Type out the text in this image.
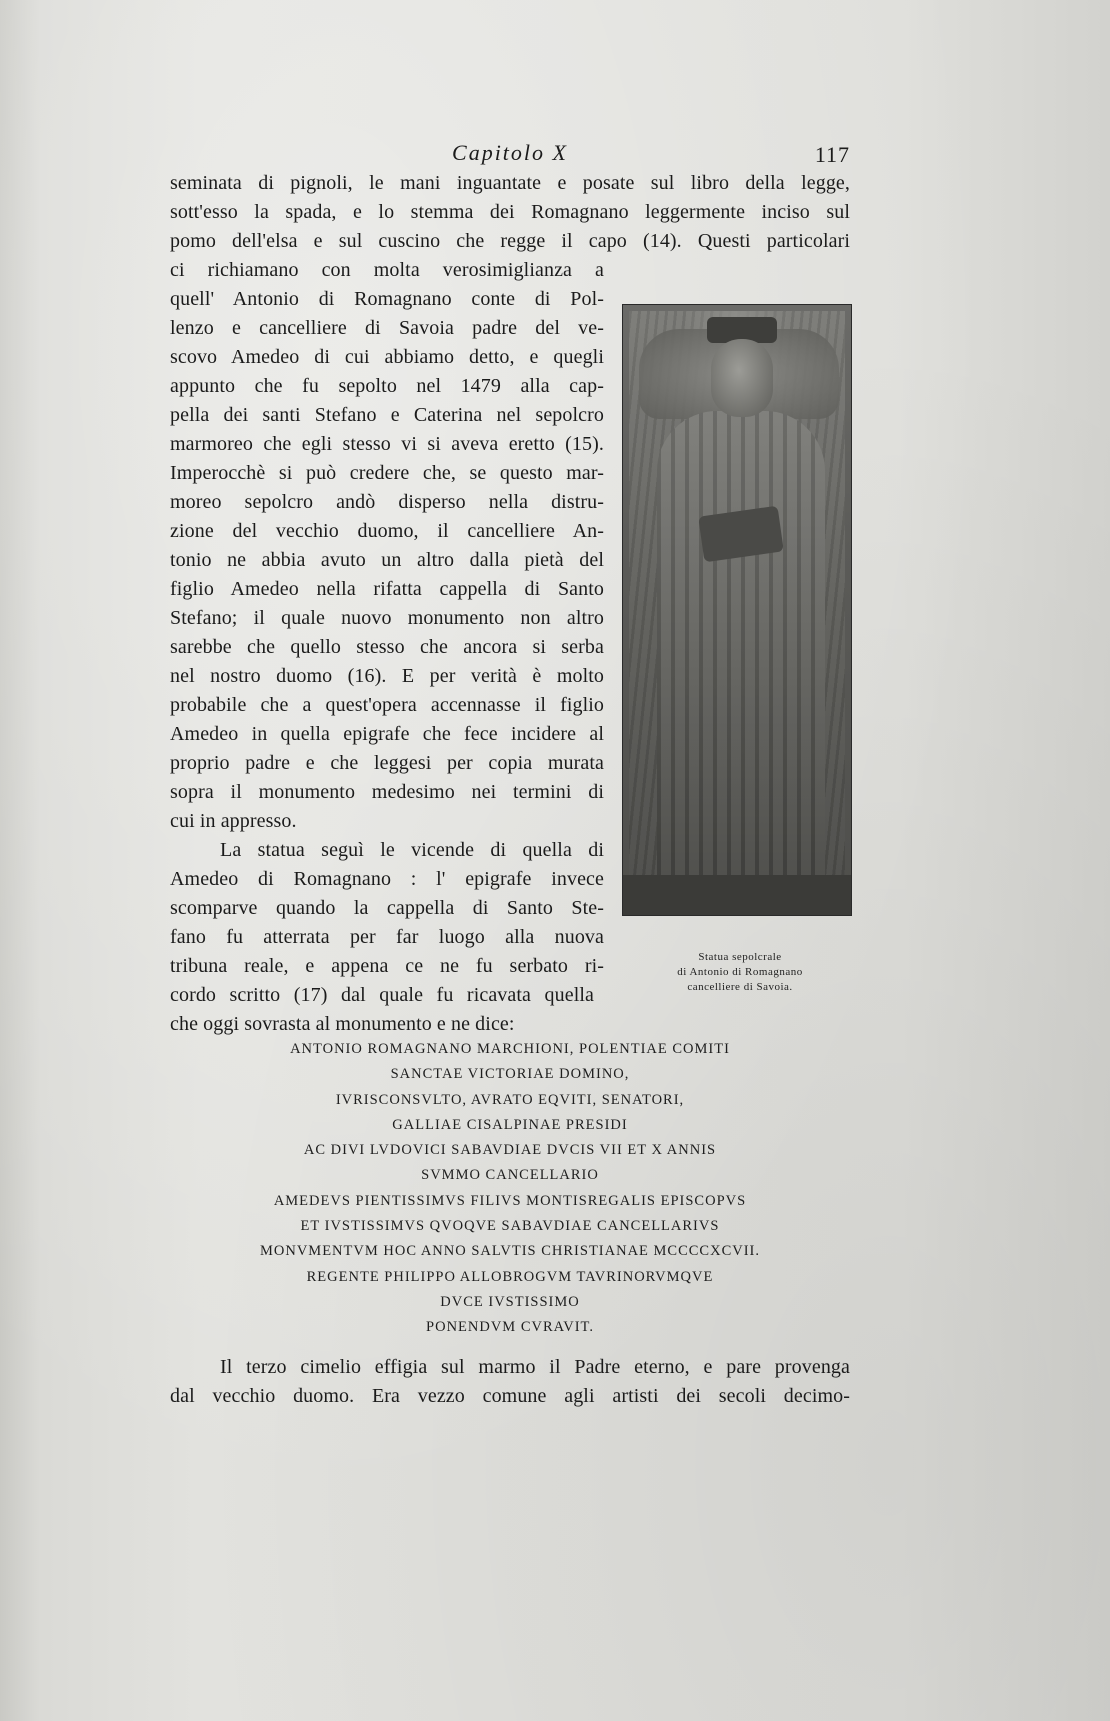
Capitolo X	117
seminata di pignoli, le mani inguantate e posate sul libro della legge,
sott'esso la spada, e lo stemma dei Romagnano leggermente inciso sul
pomo dell'elsa e sul cuscino che regge il capo (14). Questi particolari
ci richiamano con molta verosimiglianza a
quell' Antonio di Romagnano conte di Pol-
lenzo e cancelliere di Savoia padre del ve-
scovo Amedeo di cui abbiamo detto, e quegli
appunto che fu sepolto nel 1479 alla cap-
pella dei santi Stefano e Caterina nel sepolcro
marmoreo che egli stesso vi si aveva eretto (15).
Imperocchè si può credere che, se questo mar-
moreo sepolcro andò disperso nella distru-
zione del vecchio duomo, il cancelliere An-
tonio ne abbia avuto un altro dalla pietà del
figlio Amedeo nella rifatta cappella di Santo
Stefano; il quale nuovo monumento non altro
sarebbe che quello stesso che ancora si serba
nel nostro duomo (16). E per verità è molto
probabile che a quest'opera accennasse il figlio
Amedeo in quella epigrafe che fece incidere al
proprio padre e che leggesi per copia murata
sopra il monumento medesimo nei termini di
cui in appresso.
La statua seguì le vicende di quella di
Amedeo di Romagnano : l' epigrafe invece
scomparve quando la cappella di Santo Ste-
fano fu atterrata per far luogo alla nuova
tribuna reale, e appena ce ne fu serbato ri-
cordo scritto (17) dal quale fu ricavata quella
che oggi sovrasta al monumento e ne dice:
Statua sepolcrale
di Antonio di Romagnano
cancelliere di Savoia.
ANTONIO ROMAGNANO MARCHIONI, POLENTIAE COMITI
SANCTAE VICTORIAE DOMINO,
IVRISCONSVLTO, AVRATO EQVITI, SENATORI,
GALLIAE CISALPINAE PRESIDI
AC DIVI LVDOVICI SABAVDIAE DVCIS VII ET X ANNIS
SVMMO CANCELLARIO
AMEDEVS PIENTISSIMVS FILIVS MONTISREGALIS EPISCOPVS
ET IVSTISSIMVS QVOQVE SABAVDIAE CANCELLARIVS
MONVMENTVM HOC ANNO SALVTIS CHRISTIANAE MCCCCXCVII.
REGENTE PHILIPPO ALLOBROGVM TAVRINORVMQVE
DVCE IVSTISSIMO
PONENDVM CVRAVIT.
Il terzo cimelio effigia sul marmo il Padre eterno, e pare provenga
dal vecchio duomo. Era vezzo comune agli artisti dei secoli decimo-
